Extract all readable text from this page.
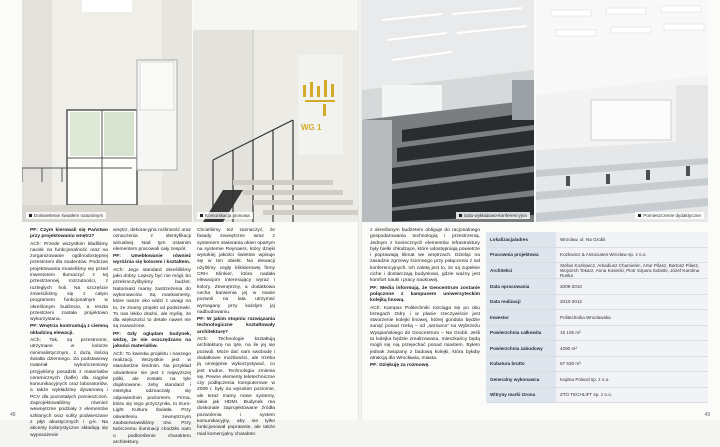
Doświetlenie światłem naturalnym
WG 1
Komunikacja pionowa	Sala wykładowo-konferencyjna	Pomieszczenie dydaktyczne

PF: Czym kierowali się Państwo przy projektowaniu wnętrz?

ACh: Przede wszystkim kładliśmy nacisk na funkcjonalność oraz na zorganizowanie ogólnodostępnej przestrzeni dla studentów. Podczas projektowania musieliśmy się przed inwestorem tłumaczyć z tej przestrzennej rozrzutności, z rozległych holi. Na szczęście zmieściliśmy się z całym programem funkcjonalnym w określonym budżecie, a reszta przestrzeni została projektowo wykorzystana.

PF: Wnętrza kontrastują z ciemną okładziną elewacji.

ACh: Tak, są przestronne, utrzymane w kolorze minimalistycznym, z dużą ilością światła dziennego. Za podstawowy materiał wykończeniowy przyjęliśmy posadzki z materiałów ceramicznych (kafle) dla ciągów komunikacyjnych oraz laboratoriów, a także wykładzinę dywanową i PCV dla pozostałych pomieszczeń. Zaprojektowaliśmy również wewnętrzne podziały z elementów szklanych oraz sufity podwieszane z płyt akustycznych i g-k. Na akcenty kolorystyczne składają się wyposażenie

wnętrz, dekoracyjna roślinność oraz oznaczenia z identyfikacji wizualnej. Nad tym ostatnim elementem pracowali cały zespół.

PF: Umebłowanie również wyróżnia się kolorem i kształtem.

ACh: Jego standard określiliśmy jako dobry. Lepszy być nie mógł, bo przekroczylibyśmy budżet. Natomiast mamy zastrzeżenia do wykonawców. Są mankamenty, które nasze oko widzi z uwagi na to, że znamy projekt od podszewki. To nas lekko drażni, ale myślę, że dla większości to detale nawet nie są zauważone.

PF: Gdy oglądam budynek, widzę, że nie oszczędzano na jakości materiałów.

ACh: To kwestia projektu i naszego realizacji. Wszystkie jest w standardzie średnim. Na przykład oświetlenie nie jest z najwyższej półki, ale zostało na tyle dopilnowane, żeby standard i estetyka odznaczały się odpowiednim poziomem. Firma, która się tego przyczyniła, to Euro-Light Kultura Światła. Przy oświetleniu zewnętrznym zaobserwowaliśmy tzw. Przy twórczemu iluminacji chodziło nam o podkreślenie charakteru architektury.

Chcieliśmy też zaznaczyć, że fasady zewnętrzne wraz z systemem otwierania okien opartym na systemie Reynaers, który dzięki wysokiej jakości świetnie wpisuje się w ten obiekt. Na elewacji użyliśmy cegły klinkierowej firmy CRH Klinkier, która nadała elewacjom interesujący wyraz i kolory. Zewnętrzny, a dodatkowa cecha barwienia jej w masie pozwoli na lata utrzymać wymagany przy każdym jej nadbudowaniu.

PF: W jakim stopniu rozwiązania technologiczne kształtowały architekturę?

ACh: Technologie kształtują architekturę na tyle, na ile jej się pozwoli. Może dać nam swobodę i dodatkowe możliwości, ale trzeba ją umiejętnie wykorzystywać, co jest trudne. Technologia zmienia się. Pewne elementy teletechniczne czy podłączenia komputerowe w 2009 r. były na wysokim poziomie, ale teraz mamy nowe systemy, takie jak HDMI. Budynek ma doskonale zaprojektowane źródła pozwolenia i system komunikacyjny, aby nie tylko funkcjonował poprawnie, ale także miał komercjalny charakter.

z określonym budżetem obliguje do racjonalnego gospodarowania technologią i przestrzenią. Jednym z koniecznych elementów infrastruktury były bielki chłodzące, które udostępniają powietrze i poprawiają klimat we wnętrzach. Dzieląc na zasadzie zgrzewy ściennego przy połączeniu z sal konferencyjnych. Ich zaletą jest to, że są zupełnie ciche i dostarczają budynkowi, gdzie ważny jest komfort nauki i pracy naukowej.

PF: Media informują, że Geocentrum zostanie połączone z kampusem uniwersyteckim kolejką linową.

ACh: Kampus Politechniki rozciąga się po obu brzegach Odry i w planie rzeczywiście jest stworzenie kolejki linowej, której gondola będzie sunąć ponad rzeką – od „serowca” na Wybrzeżu Wyspiańskiego do Geocentrum – Na Grobli. Jeśli ta kolejka będzie zrealizowana, mieszkańcy będą mogli się nią przejechać ponad miastem. Byłem jednak związany z budową kolejki, która byłaby atrakcją dla Wrocławia, miasta.

PF: Dziękuję za rozmowę.

Lokalizacja/adres	Wrocław, ul. Na Grobli
Pracownia projektowa	Kozłowicz & Associates Wrocław sp. z o.o.
Architekci	Stefan Kozłowicz, Arkadiusz Chamielec, Artur Pilasz, Bartosz Pilasz, Wojciech Tokarz, Anna Kosecki, Piotr Szpara Sobiski, Józef Karolina Ruska
Data opracowania	2009-2010
Data realizacji	2010-2012
Inwestor	Politechnika Wrocławska
Powierzchnia całkowita	15 105 m²
Powierzchnia zabudowy	4290 m²
Kubatura brutto	57 530 m³
Generalny wykonawca	Kajima Poland sp. z o.o.
Witryny marki Orona	ZTO TECHLIFT sp. z o.o.
48	49
